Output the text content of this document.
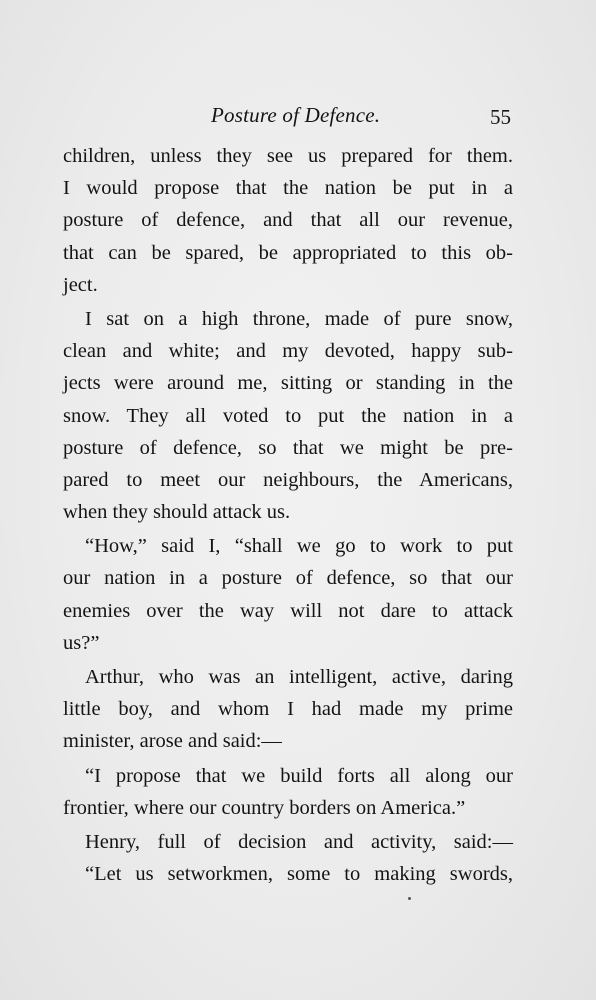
Posture of Defence.	55
children, unless they see us prepared for them.
I would propose that the nation be put in a
posture of defence, and that all our revenue,
that can be spared, be appropriated to this ob-
ject.
I sat on a high throne, made of pure snow,
clean and white; and my devoted, happy sub-
jects were around me, sitting or standing in the
snow. They all voted to put the nation in a
posture of defence, so that we might be pre-
pared to meet our neighbours, the Americans,
when they should attack us.
“How,” said I, “shall we go to work to put
our nation in a posture of defence, so that our
enemies over the way will not dare to attack
us?”
Arthur, who was an intelligent, active, daring
little boy, and whom I had made my prime
minister, arose and said:—
“I propose that we build forts all along our
frontier, where our country borders on America.”
Henry, full of decision and activity, said:—
“Let us setworkmen, some to making swords,
